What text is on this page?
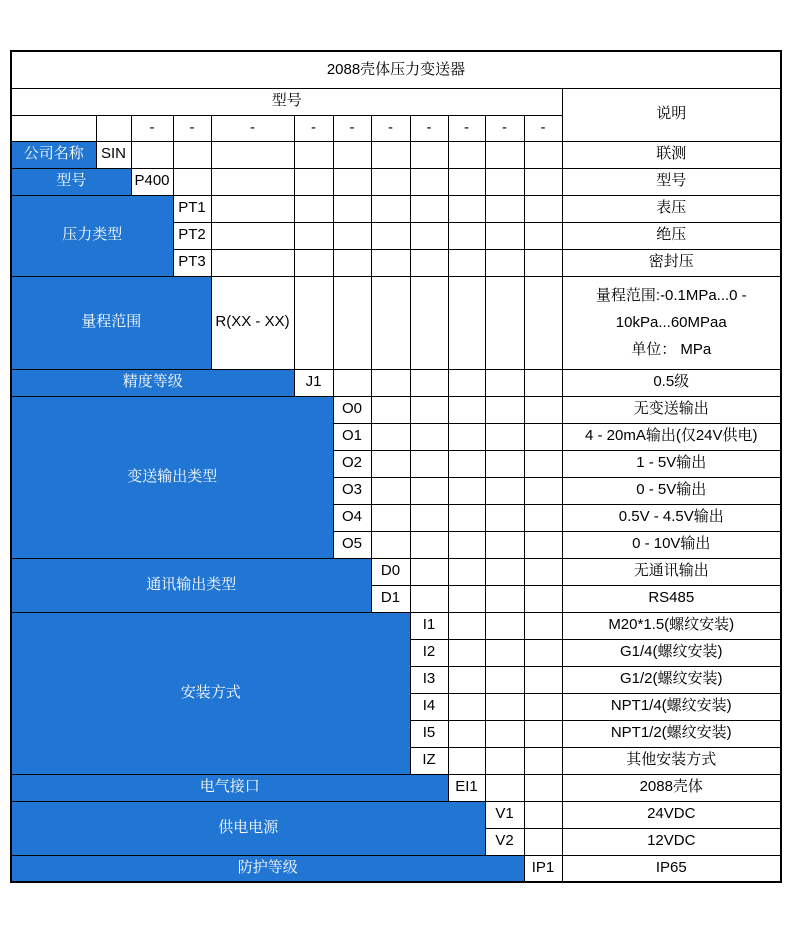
2088壳体压力变送器												
型号												说明
		-	-	-	-	-	-	-	-	-	-	
公司名称	SIN											联测
型号		P400										型号
压力类型			PT1									表压
			PT2									绝压
			PT3									密封压
量程范围				R(XX - XX)								量程范围:-0.1MPa...0 -
10kPa...60MPaa
单位： MPa

精度等级					J1							0.5级
变送输出类型						O0						无变送输出
						O1						4 - 20mA输出(仅24V供电)
						O2						1 - 5V输出
						O3						0 - 5V输出
						O4						0.5V - 4.5V输出
						O5						0 - 10V输出
通讯输出类型							D0					无通讯输出
							D1					RS485
安装方式								I1				M20*1.5(螺纹安装)
								I2				G1/4(螺纹安装)
								I3				G1/2(螺纹安装)
								I4				NPT1/4(螺纹安装)
								I5				NPT1/2(螺纹安装)
								IZ				其他安装方式
电气接口									EI1			2088壳体
供电电源										V1		24VDC
										V2		12VDC
防护等级											IP1	IP65
